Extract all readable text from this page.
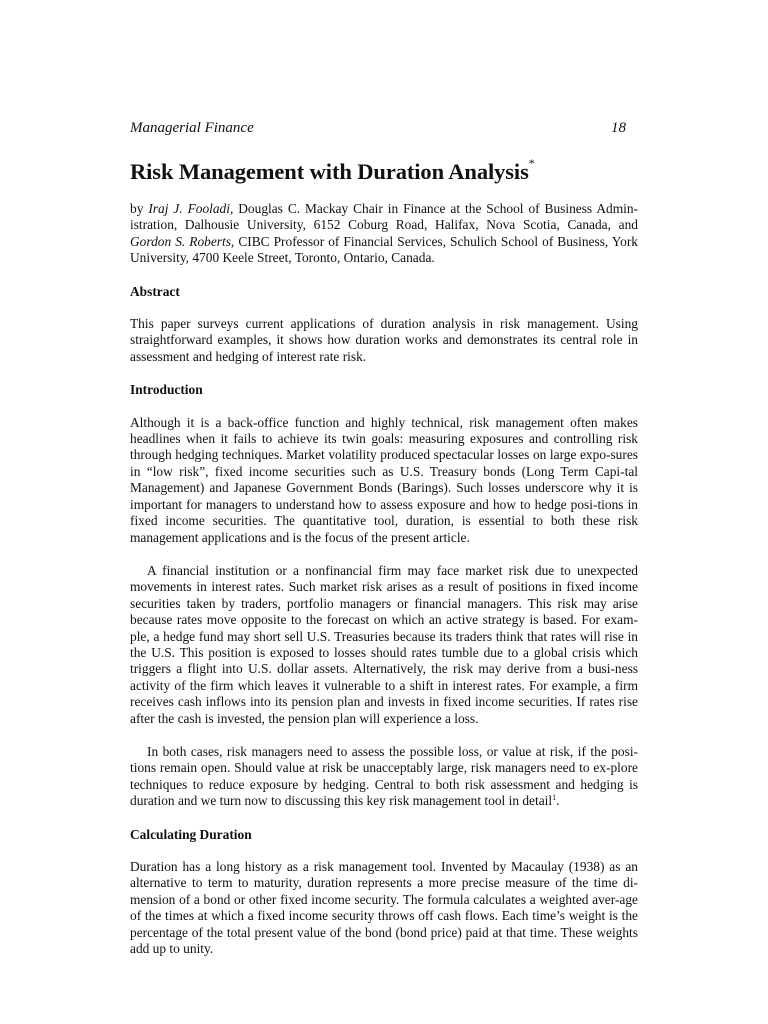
Managerial Finance	18
Risk Management with Duration Analysis*

by Iraj J. Fooladi, Douglas C. Mackay Chair in Finance at the School of Business Admin-istration, Dalhousie University, 6152 Coburg Road, Halifax, Nova Scotia, Canada, and Gordon S. Roberts, CIBC Professor of Financial Services, Schulich School of Business, York University, 4700 Keele Street, Toronto, Ontario, Canada.

Abstract

This paper surveys current applications of duration analysis in risk management. Using straightforward examples, it shows how duration works and demonstrates its central role in assessment and hedging of interest rate risk.

Introduction

Although it is a back-office function and highly technical, risk management often makes headlines when it fails to achieve its twin goals: measuring exposures and controlling risk through hedging techniques. Market volatility produced spectacular losses on large expo-sures in “low risk”, fixed income securities such as U.S. Treasury bonds (Long Term Capi-tal Management) and Japanese Government Bonds (Barings). Such losses underscore why it is important for managers to understand how to assess exposure and how to hedge posi-tions in fixed income securities. The quantitative tool, duration, is essential to both these risk management applications and is the focus of the present article.

A financial institution or a nonfinancial firm may face market risk due to unexpected movements in interest rates. Such market risk arises as a result of positions in fixed income securities taken by traders, portfolio managers or financial managers. This risk may arise because rates move opposite to the forecast on which an active strategy is based. For exam-ple, a hedge fund may short sell U.S. Treasuries because its traders think that rates will rise in the U.S. This position is exposed to losses should rates tumble due to a global crisis which triggers a flight into U.S. dollar assets. Alternatively, the risk may derive from a busi-ness activity of the firm which leaves it vulnerable to a shift in interest rates. For example, a firm receives cash inflows into its pension plan and invests in fixed income securities. If rates rise after the cash is invested, the pension plan will experience a loss.

In both cases, risk managers need to assess the possible loss, or value at risk, if the posi-tions remain open. Should value at risk be unacceptably large, risk managers need to ex-plore techniques to reduce exposure by hedging. Central to both risk assessment and hedging is duration and we turn now to discussing this key risk management tool in detail$^1$.

Calculating Duration

Duration has a long history as a risk management tool. Invented by Macaulay (1938) as an alternative to term to maturity, duration represents a more precise measure of the time di-mension of a bond or other fixed income security. The formula calculates a weighted aver-age of the times at which a fixed income security throws off cash flows. Each time’s weight is the percentage of the total present value of the bond (bond price) paid at that time. These weights add up to unity.
